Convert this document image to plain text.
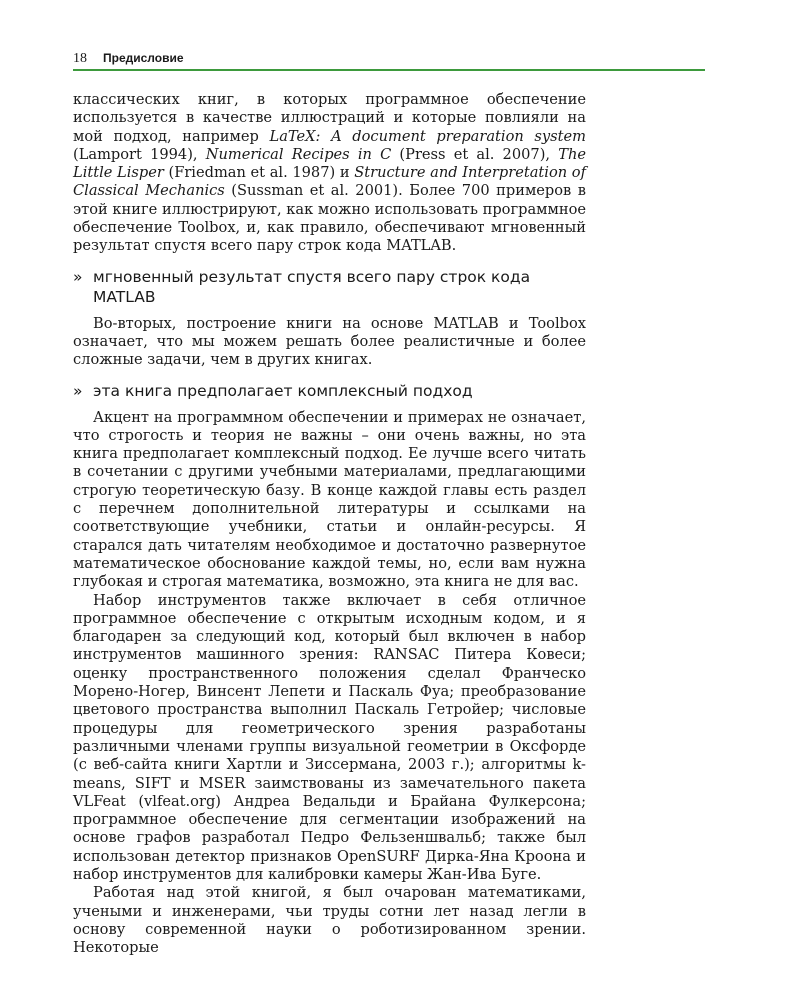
18 Предисловие

классических книг, в которых программное обеспечение используется в качестве иллюстраций и которые повлияли на мой подход, например LaTeX: A document preparation system (Lamport 1994), Numerical Recipes in C (Press et al. 2007), The Little Lisper (Friedman et al. 1987) и Structure and Interpretation of Classical Mechanics (Sussman et al. 2001). Более 700 примеров в этой книге иллюстрируют, как можно использовать программное обеспечение Toolbox, и, как правило, обеспечивают мгновенный результат спустя всего пару строк кода MATLAB.

» мгновенный результат спустя всего пару строк кода MATLAB

Во-вторых, построение книги на основе MATLAB и Toolbox означает, что мы можем решать более реалистичные и более сложные задачи, чем в других книгах.

» эта книга предполагает комплексный подход

Акцент на программном обеспечении и примерах не означает, что строгость и теория не важны – они очень важны, но эта книга предполагает комплексный подход. Ее лучше всего читать в сочетании с другими учебными материалами, предлагающими строгую теоретическую базу. В конце каждой главы есть раздел с перечнем дополнительной литературы и ссылками на соответствующие учебники, статьи и онлайн-ресурсы. Я старался дать читателям необходимое и достаточно развернутое математическое обоснование каждой темы, но, если вам нужна глубокая и строгая математика, возможно, эта книга не для вас.

Набор инструментов также включает в себя отличное программное обеспечение с открытым исходным кодом, и я благодарен за следующий код, который был включен в набор инструментов машинного зрения: RANSAC Питера Ковеси; оценку пространственного положения сделал Франческо Морено-Ногер, Винсент Лепети и Паскаль Фуа; преобразование цветового пространства выполнил Паскаль Гетройер; числовые процедуры для геометрического зрения разработаны различными членами группы визуальной геометрии в Оксфорде (с веб-сайта книги Хартли и Зиссермана, 2003 г.); алгоритмы k-means, SIFT и MSER заимствованы из замечательного пакета VLFeat (vlfeat.org) Андреа Ведальди и Брайана Фулкерсона; программное обеспечение для сегментации изображений на основе графов разработал Педро Фельзеншвальб; также был использован детектор признаков OpenSURF Дирка-Яна Кроона и набор инструментов для калибровки камеры Жан-Ива Буге.

Работая над этой книгой, я был очарован математиками, учеными и инженерами, чьи труды сотни лет назад легли в основу современной науки о роботизированном зрении. Некоторые
